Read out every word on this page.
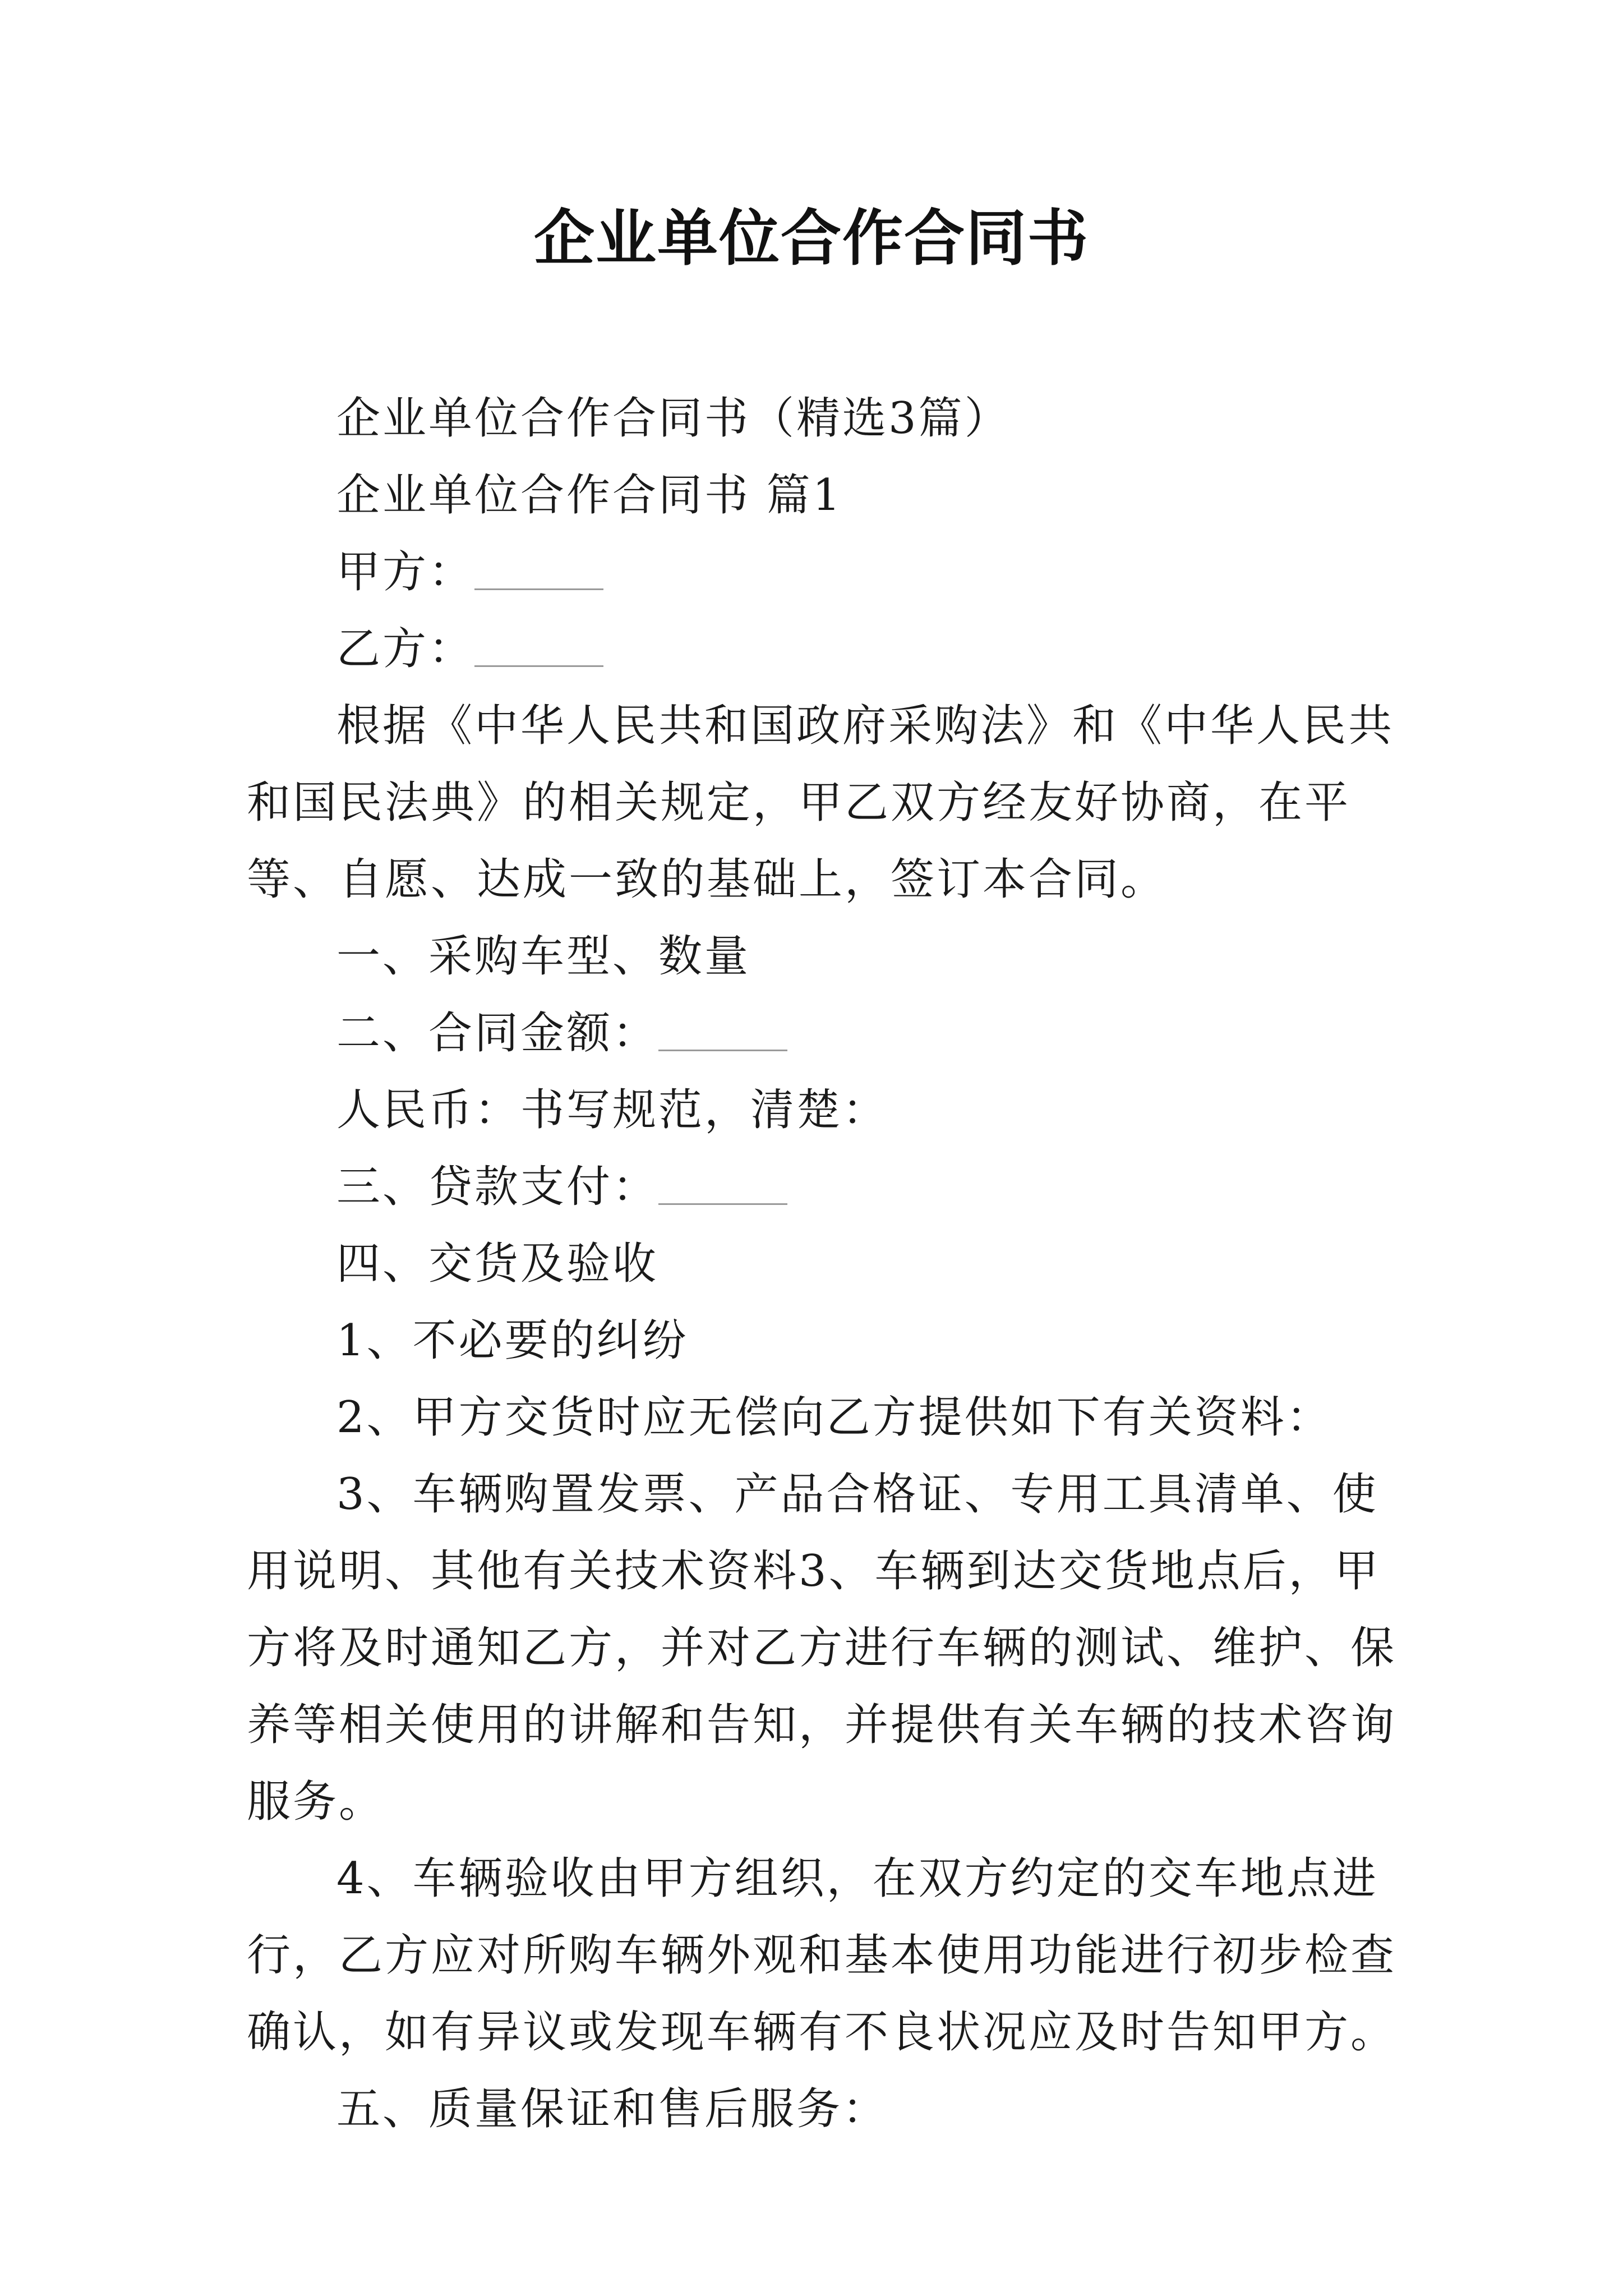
企业单位合作合同书

企业单位合作合同书（精选3篇）

企业单位合作合同书 篇1

甲方：

乙方：

根据《中华人民共和国政府采购法》和《中华人民共和国民法典》的相关规定，甲乙双方经友好协商，在平等、自愿、达成一致的基础上，签订本合同。

一、采购车型、数量

二、合同金额：

人民币：书写规范，清楚：

三、贷款支付：

四、交货及验收

1、不必要的纠纷

2、甲方交货时应无偿向乙方提供如下有关资料：

3、车辆购置发票、产品合格证、专用工具清单、使用说明、其他有关技术资料3、车辆到达交货地点后，甲方将及时通知乙方，并对乙方进行车辆的测试、维护、保养等相关使用的讲解和告知，并提供有关车辆的技术咨询服务。

4、车辆验收由甲方组织，在双方约定的交车地点进行，乙方应对所购车辆外观和基本使用功能进行初步检查确认，如有异议或发现车辆有不良状况应及时告知甲方。

五、质量保证和售后服务：
